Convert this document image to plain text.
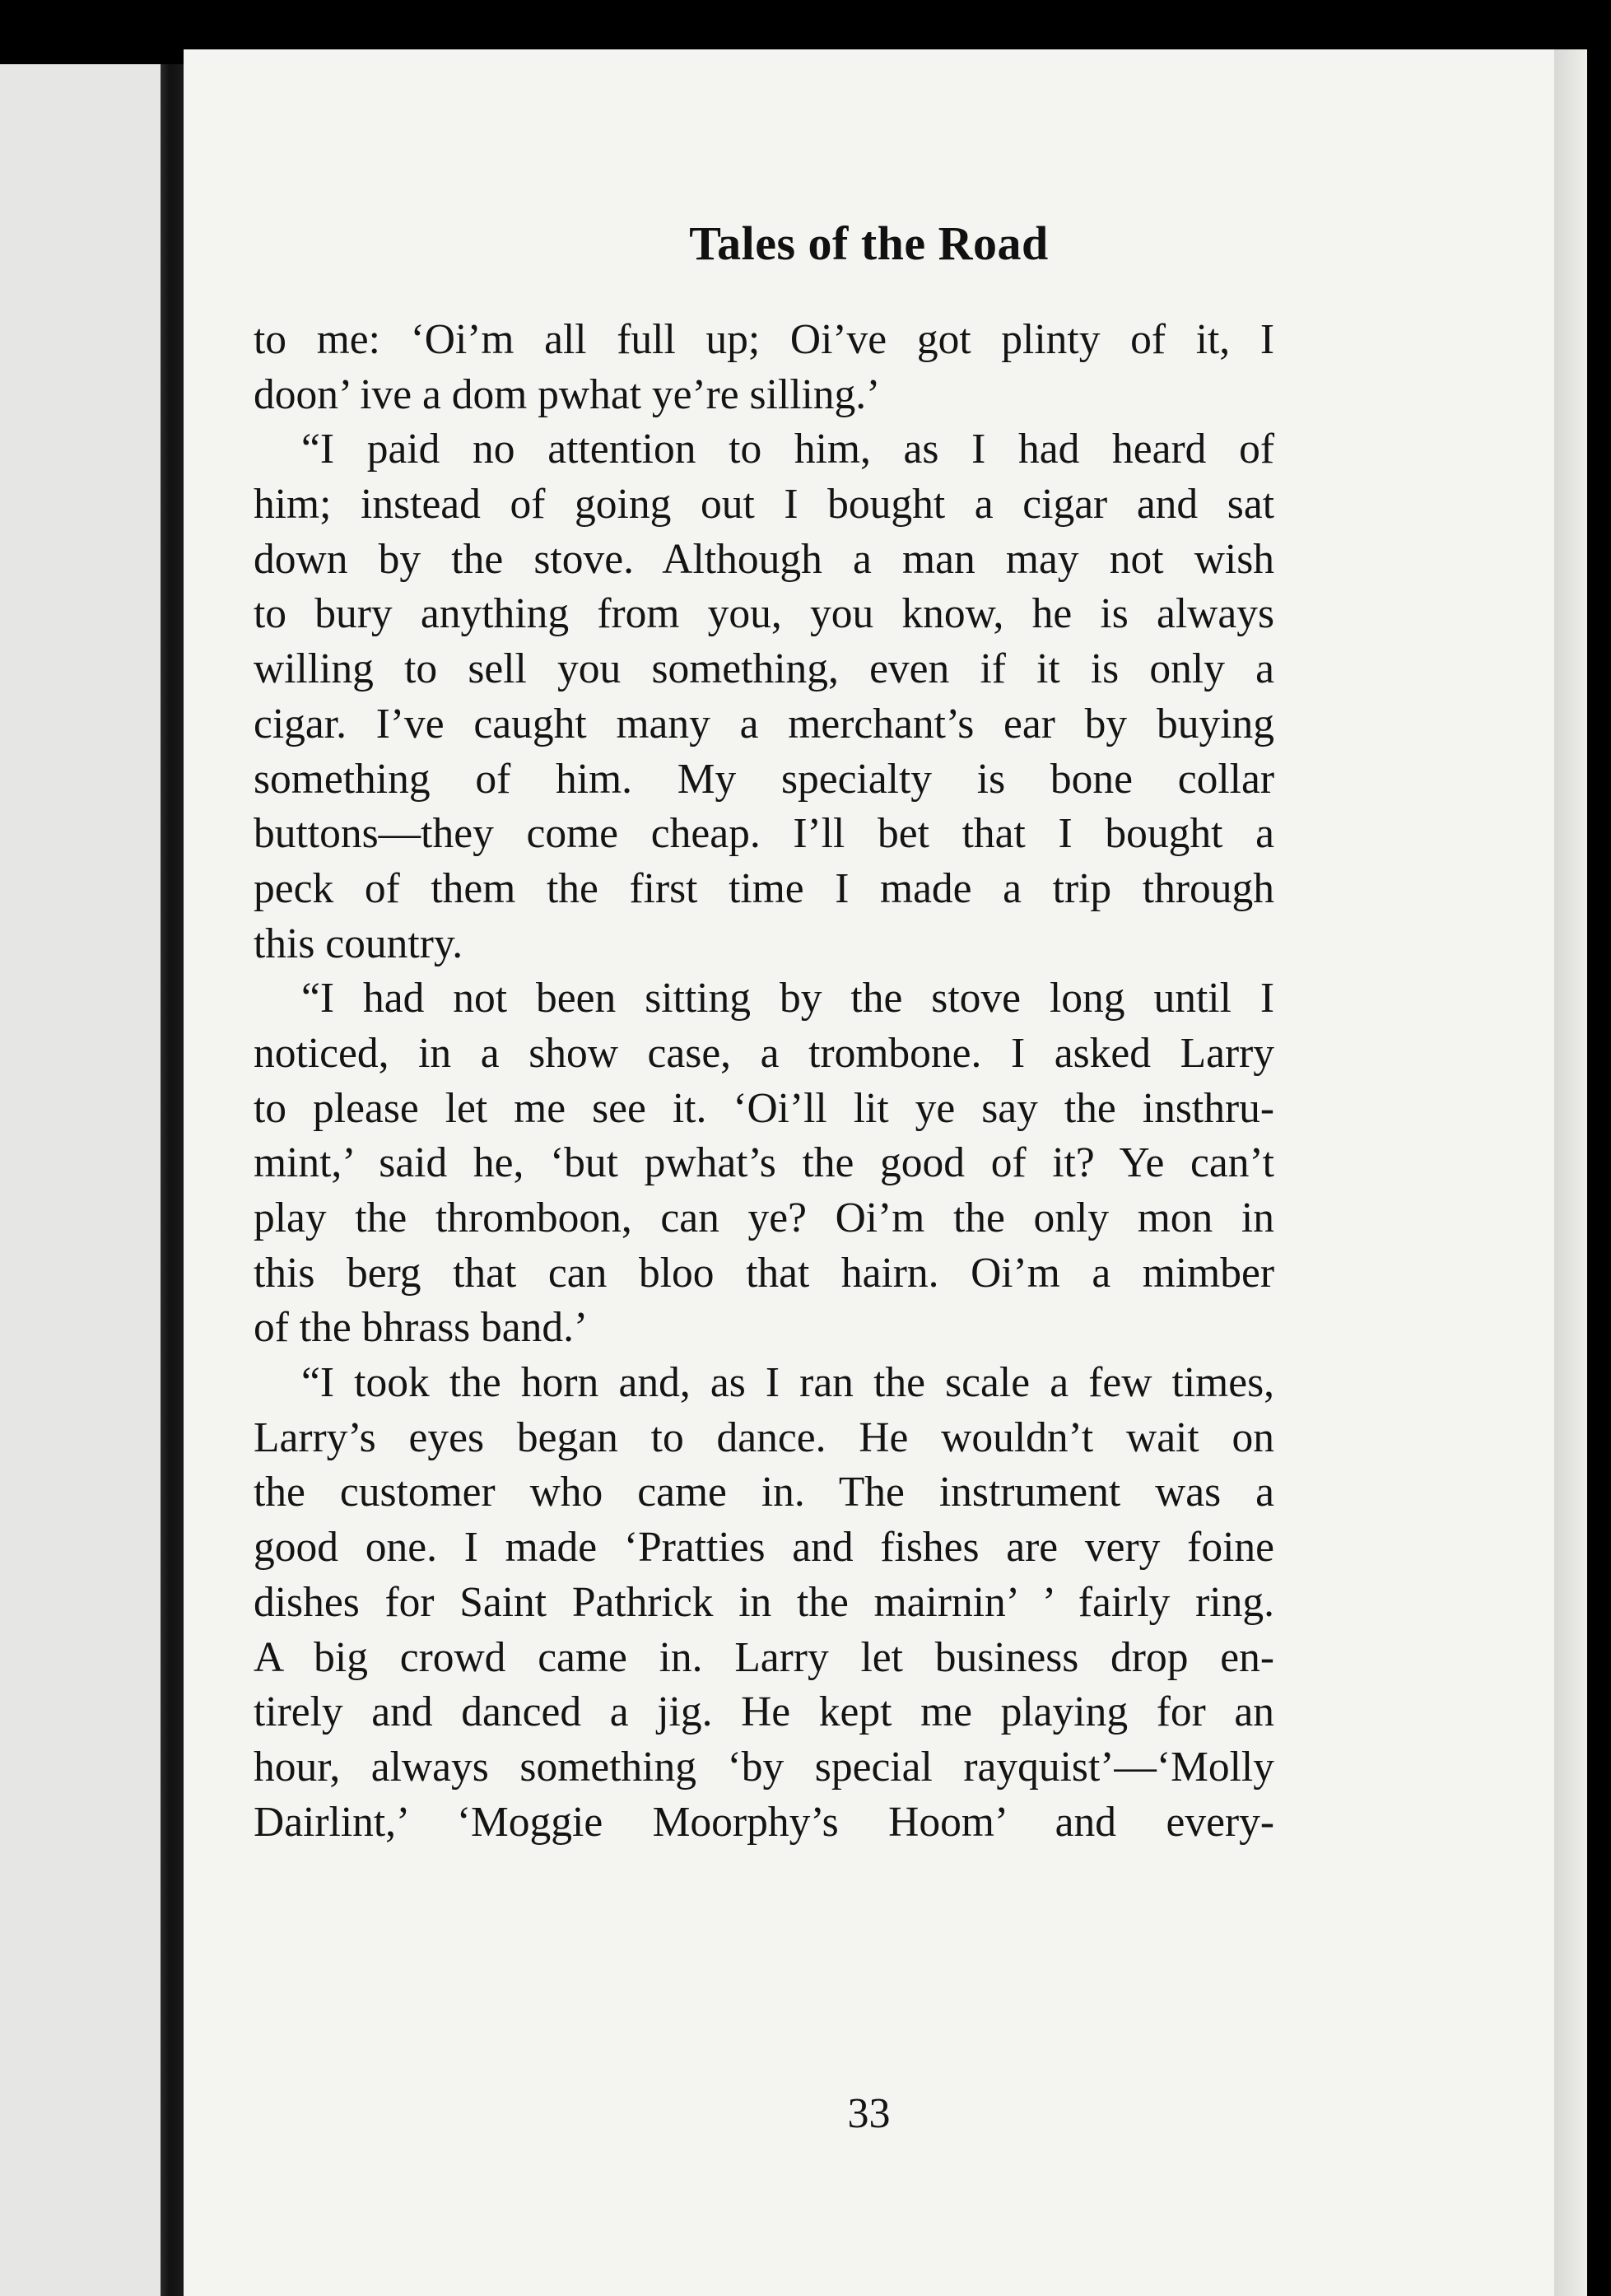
Tales of the Road
to me: ‘Oi’m all full up; Oi’ve got plinty of it, I
doon’ ive a dom pwhat ye’re silling.’
“I paid no attention to him, as I had heard of
him; instead of going out I bought a cigar and sat
down by the stove. Although a man may not wish
to bury anything from you, you know, he is always
willing to sell you something, even if it is only a
cigar. I’ve caught many a merchant’s ear by buying
something of him. My specialty is bone collar
buttons—they come cheap. I’ll bet that I bought a
peck of them the first time I made a trip through
this country.
“I had not been sitting by the stove long until I
noticed, in a show case, a trombone. I asked Larry
to please let me see it. ‘Oi’ll lit ye say the insthru-
mint,’ said he, ‘but pwhat’s the good of it? Ye can’t
play the thromboon, can ye? Oi’m the only mon in
this berg that can bloo that hairn. Oi’m a mimber
of the bhrass band.’
“I took the horn and, as I ran the scale a few times,
Larry’s eyes began to dance. He wouldn’t wait on
the customer who came in. The instrument was a
good one. I made ‘Pratties and fishes are very foine
dishes for Saint Pathrick in the mairnin’ ’ fairly ring.
A big crowd came in. Larry let business drop en-
tirely and danced a jig. He kept me playing for an
hour, always something ‘by special rayquist’—‘Molly
Dairlint,’ ‘Moggie Moorphy’s Hoom’ and every-
33
